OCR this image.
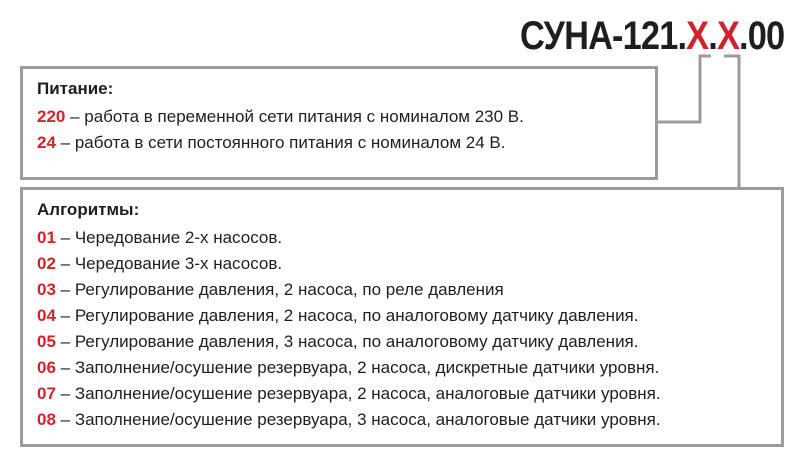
СУНА-121.Х.Х.00
Питание:
220 – работа в переменной сети питания с номиналом 230 В.
24 – работа в сети постоянного питания с номиналом 24 В.
Алгоритмы:
01 – Чередование 2-х насосов.
02 – Чередование 3-х насосов.
03 – Регулирование давления, 2 насоса, по реле давления
04 – Регулирование давления, 2 насоса, по аналоговому датчику давления.
05 – Регулирование давления, 3 насоса, по аналоговому датчику давления.
06 – Заполнение/осушение резервуара, 2 насоса, дискретные датчики уровня.
07 – Заполнение/осушение резервуара, 2 насоса, аналоговые датчики уровня.
08 – Заполнение/осушение резервуара, 3 насоса, аналоговые датчики уровня.
